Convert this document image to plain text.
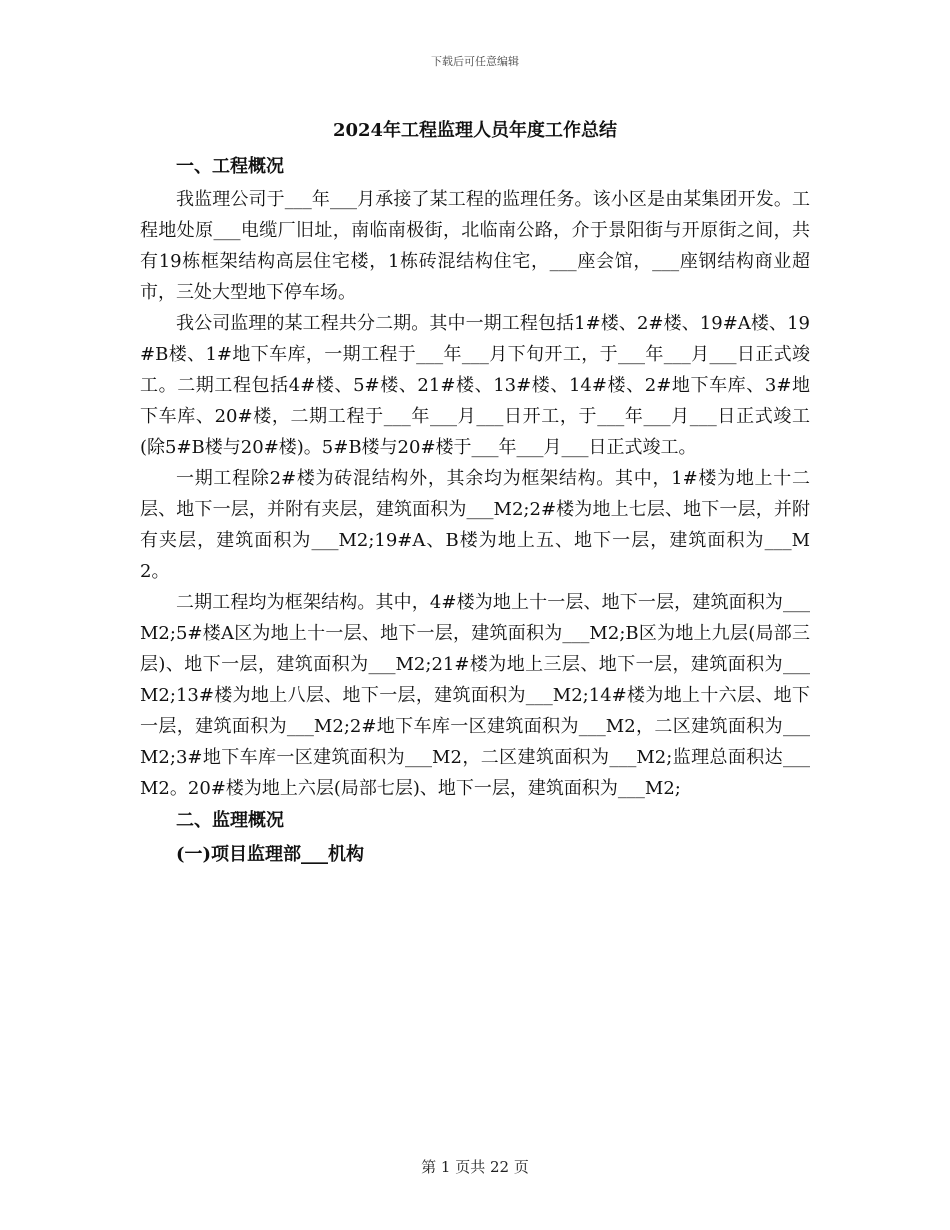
下载后可任意编辑
2024年工程监理人员年度工作总结

一、工程概况

我监理公司于___年___月承接了某工程的监理任务。该小区是由某集团开发。工程地处原___电缆厂旧址，南临南极街，北临南公路，介于景阳街与开原街之间，共有19栋框架结构高层住宅楼，1栋砖混结构住宅，___座会馆，___座钢结构商业超市，三处大型地下停车场。

我公司监理的某工程共分二期。其中一期工程包括1#楼、2#楼、19#A楼、19#B楼、1#地下车库，一期工程于___年___月下旬开工，于___年___月___日正式竣工。二期工程包括4#楼、5#楼、21#楼、13#楼、14#楼、2#地下车库、3#地下车库、20#楼，二期工程于___年___月___日开工，于___年___月___日正式竣工(除5#B楼与20#楼)。5#B楼与20#楼于___年___月___日正式竣工。

一期工程除2#楼为砖混结构外，其余均为框架结构。其中，1#楼为地上十二层、地下一层，并附有夹层，建筑面积为___M2;2#楼为地上七层、地下一层，并附有夹层，建筑面积为___M2;19#A、B楼为地上五、地下一层，建筑面积为___M2。

二期工程均为框架结构。其中，4#楼为地上十一层、地下一层，建筑面积为___M2;5#楼A区为地上十一层、地下一层，建筑面积为___M2;B区为地上九层(局部三层)、地下一层，建筑面积为___M2;21#楼为地上三层、地下一层，建筑面积为___M2;13#楼为地上八层、地下一层，建筑面积为___M2;14#楼为地上十六层、地下一层，建筑面积为___M2;2#地下车库一区建筑面积为___M2，二区建筑面积为___M2;3#地下车库一区建筑面积为___M2，二区建筑面积为___M2;监理总面积达___M2。20#楼为地上六层(局部七层)、地下一层，建筑面积为___M2;

二、监理概况

(一)项目监理部___机构

第 1 页共 22 页
